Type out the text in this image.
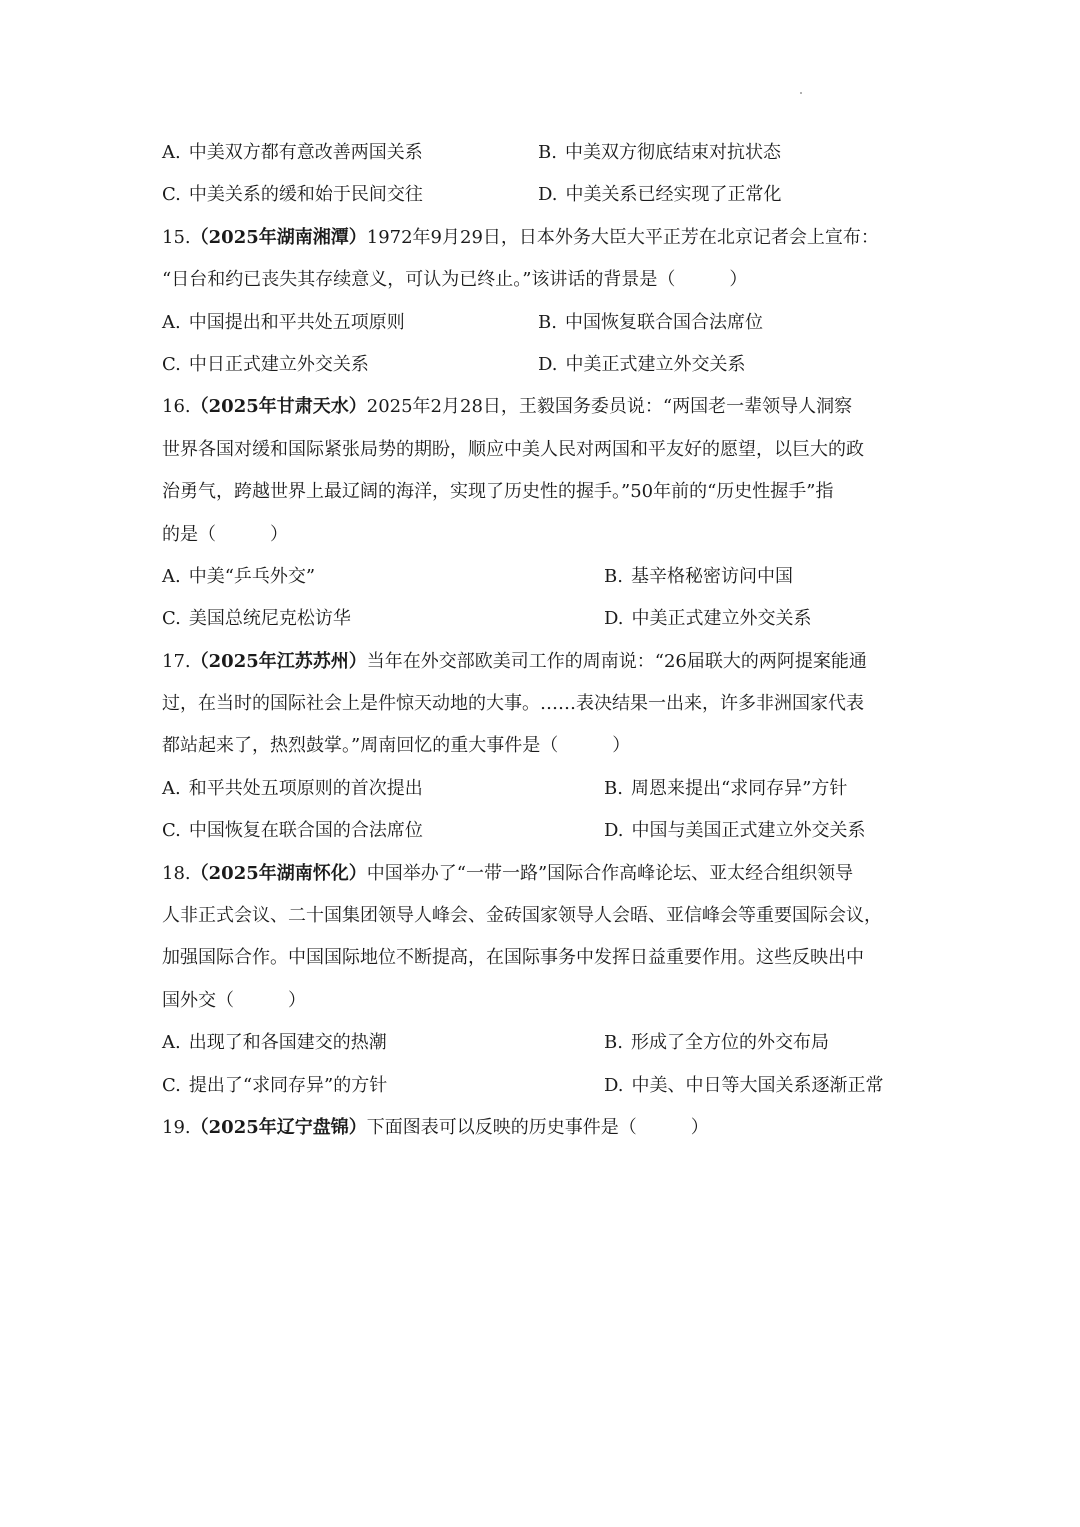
A. 中美双方都有意改善两国关系	B. 中美双方彻底结束对抗状态
C. 中美关系的缓和始于民间交往	D. 中美关系已经实现了正常化
15.（2025年湖南湘潭）1972年9月29日，日本外务大臣大平正芳在北京记者会上宣布：
“日台和约已丧失其存续意义，可认为已终止。”该讲话的背景是（　　　）
A. 中国提出和平共处五项原则	B. 中国恢复联合国合法席位
C. 中日正式建立外交关系	D. 中美正式建立外交关系
16.（2025年甘肃天水）2025年2月28日，王毅国务委员说：“两国老一辈领导人洞察
世界各国对缓和国际紧张局势的期盼，顺应中美人民对两国和平友好的愿望，以巨大的政
治勇气，跨越世界上最辽阔的海洋，实现了历史性的握手。”50年前的“历史性握手”指
的是（　　　）
A. 中美“乒乓外交”	B. 基辛格秘密访问中国
C. 美国总统尼克松访华	D. 中美正式建立外交关系
17.（2025年江苏苏州）当年在外交部欧美司工作的周南说：“26届联大的两阿提案能通
过，在当时的国际社会上是件惊天动地的大事。……表决结果一出来，许多非洲国家代表
都站起来了，热烈鼓掌。”周南回忆的重大事件是（　　　）
A. 和平共处五项原则的首次提出	B. 周恩来提出“求同存异”方针
C. 中国恢复在联合国的合法席位	D. 中国与美国正式建立外交关系
18.（2025年湖南怀化）中国举办了“一带一路”国际合作高峰论坛、亚太经合组织领导
人非正式会议、二十国集团领导人峰会、金砖国家领导人会晤、亚信峰会等重要国际会议，
加强国际合作。中国国际地位不断提高，在国际事务中发挥日益重要作用。这些反映出中
国外交（　　　）
A. 出现了和各国建交的热潮	B. 形成了全方位的外交布局
C. 提出了“求同存异”的方针	D. 中美、中日等大国关系逐渐正常
19.（2025年辽宁盘锦）下面图表可以反映的历史事件是（　　　）
